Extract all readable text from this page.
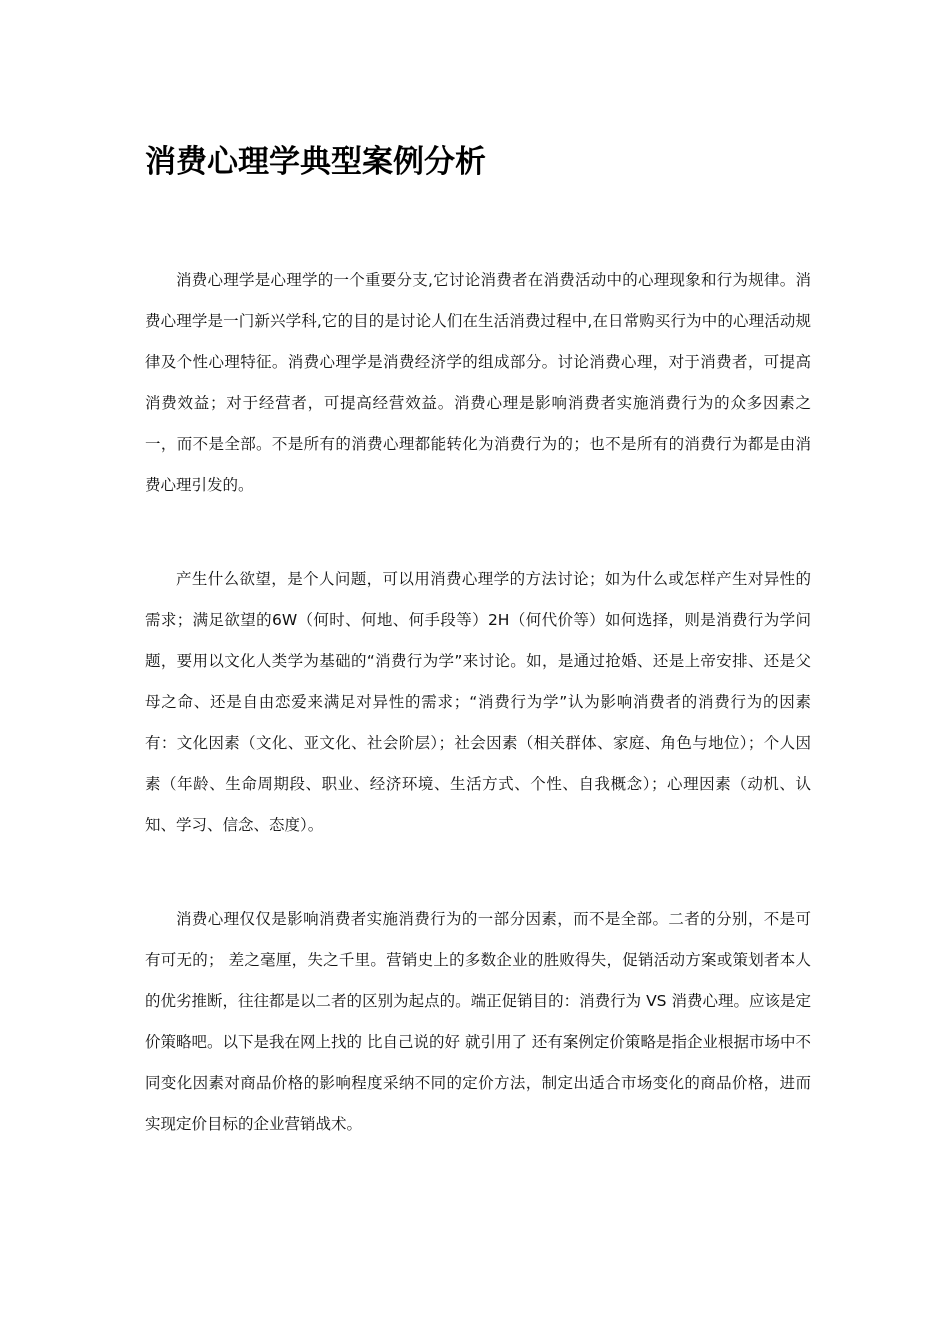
消费心理学典型案例分析

消费心理学是心理学的一个重要分支,它讨论消费者在消费活动中的心理现象和行为规律。消费心理学是一门新兴学科,它的目的是讨论人们在生活消费过程中,在日常购买行为中的心理活动规律及个性心理特征。消费心理学是消费经济学的组成部分。讨论消费心理，对于消费者，可提高消费效益；对于经营者，可提高经营效益。消费心理是影响消费者实施消费行为的众多因素之一，而不是全部。不是所有的消费心理都能转化为消费行为的；也不是所有的消费行为都是由消费心理引发的。

产生什么欲望，是个人问题，可以用消费心理学的方法讨论；如为什么或怎样产生对异性的需求；满足欲望的6W（何时、何地、何手段等）2H（何代价等）如何选择，则是消费行为学问题，要用以文化人类学为基础的“消费行为学”来讨论。如，是通过抢婚、还是上帝安排、还是父母之命、还是自由恋爱来满足对异性的需求；“消费行为学”认为影响消费者的消费行为的因素有：文化因素（文化、亚文化、社会阶层）；社会因素（相关群体、家庭、角色与地位）；个人因素（年龄、生命周期段、职业、经济环境、生活方式、个性、自我概念）；心理因素（动机、认知、学习、信念、态度）。

消费心理仅仅是影响消费者实施消费行为的一部分因素，而不是全部。二者的分别，不是可有可无的； 差之毫厘，失之千里。营销史上的多数企业的胜败得失，促销活动方案或策划者本人的优劣推断，往往都是以二者的区别为起点的。端正促销目的：消费行为 VS 消费心理。应该是定价策略吧。以下是我在网上找的 比自己说的好 就引用了 还有案例定价策略是指企业根据市场中不同变化因素对商品价格的影响程度采纳不同的定价方法，制定出适合市场变化的商品价格，进而实现定价目标的企业营销战术。
